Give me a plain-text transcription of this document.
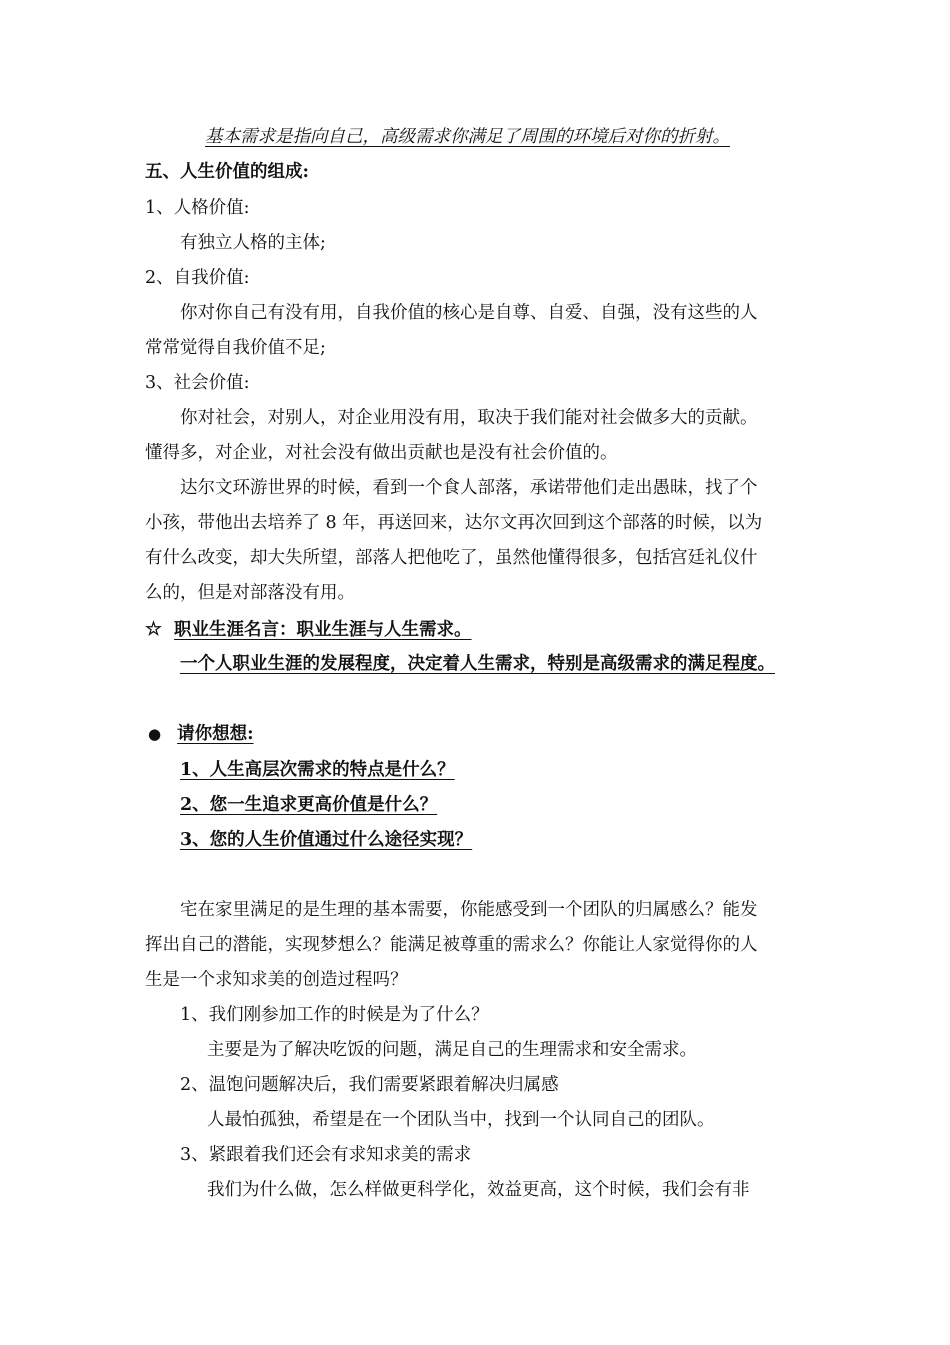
基本需求是指向自己，高级需求你满足了周围的环境后对你的折射。
五、人生价值的组成:
1、人格价值:
有独立人格的主体;
2、自我价值:
你对你自己有没有用，自我价值的核心是自尊、自爱、自强，没有这些的人
常常觉得自我价值不足;
3、社会价值:
你对社会，对别人，对企业用没有用，取决于我们能对社会做多大的贡献。
懂得多，对企业，对社会没有做出贡献也是没有社会价值的。
达尔文环游世界的时候，看到一个食人部落，承诺带他们走出愚昧，找了个
小孩，带他出去培养了 8 年，再送回来，达尔文再次回到这个部落的时候，以为
有什么改变，却大失所望，部落人把他吃了，虽然他懂得很多，包括宫廷礼仪什
么的，但是对部落没有用。
☆ 职业生涯名言：职业生涯与人生需求。
一个人职业生涯的发展程度，决定着人生需求，特别是高级需求的满足程度。
● 请你想想:
1、人生高层次需求的特点是什么？
2、您一生追求更高价值是什么？
3、您的人生价值通过什么途径实现？
宅在家里满足的是生理的基本需要，你能感受到一个团队的归属感么？能发
挥出自己的潜能，实现梦想么？能满足被尊重的需求么？你能让人家觉得你的人
生是一个求知求美的创造过程吗？
1、我们刚参加工作的时候是为了什么？
主要是为了解决吃饭的问题，满足自己的生理需求和安全需求。
2、温饱问题解决后，我们需要紧跟着解决归属感
人最怕孤独，希望是在一个团队当中，找到一个认同自己的团队。
3、紧跟着我们还会有求知求美的需求
我们为什么做，怎么样做更科学化，效益更高，这个时候，我们会有非
